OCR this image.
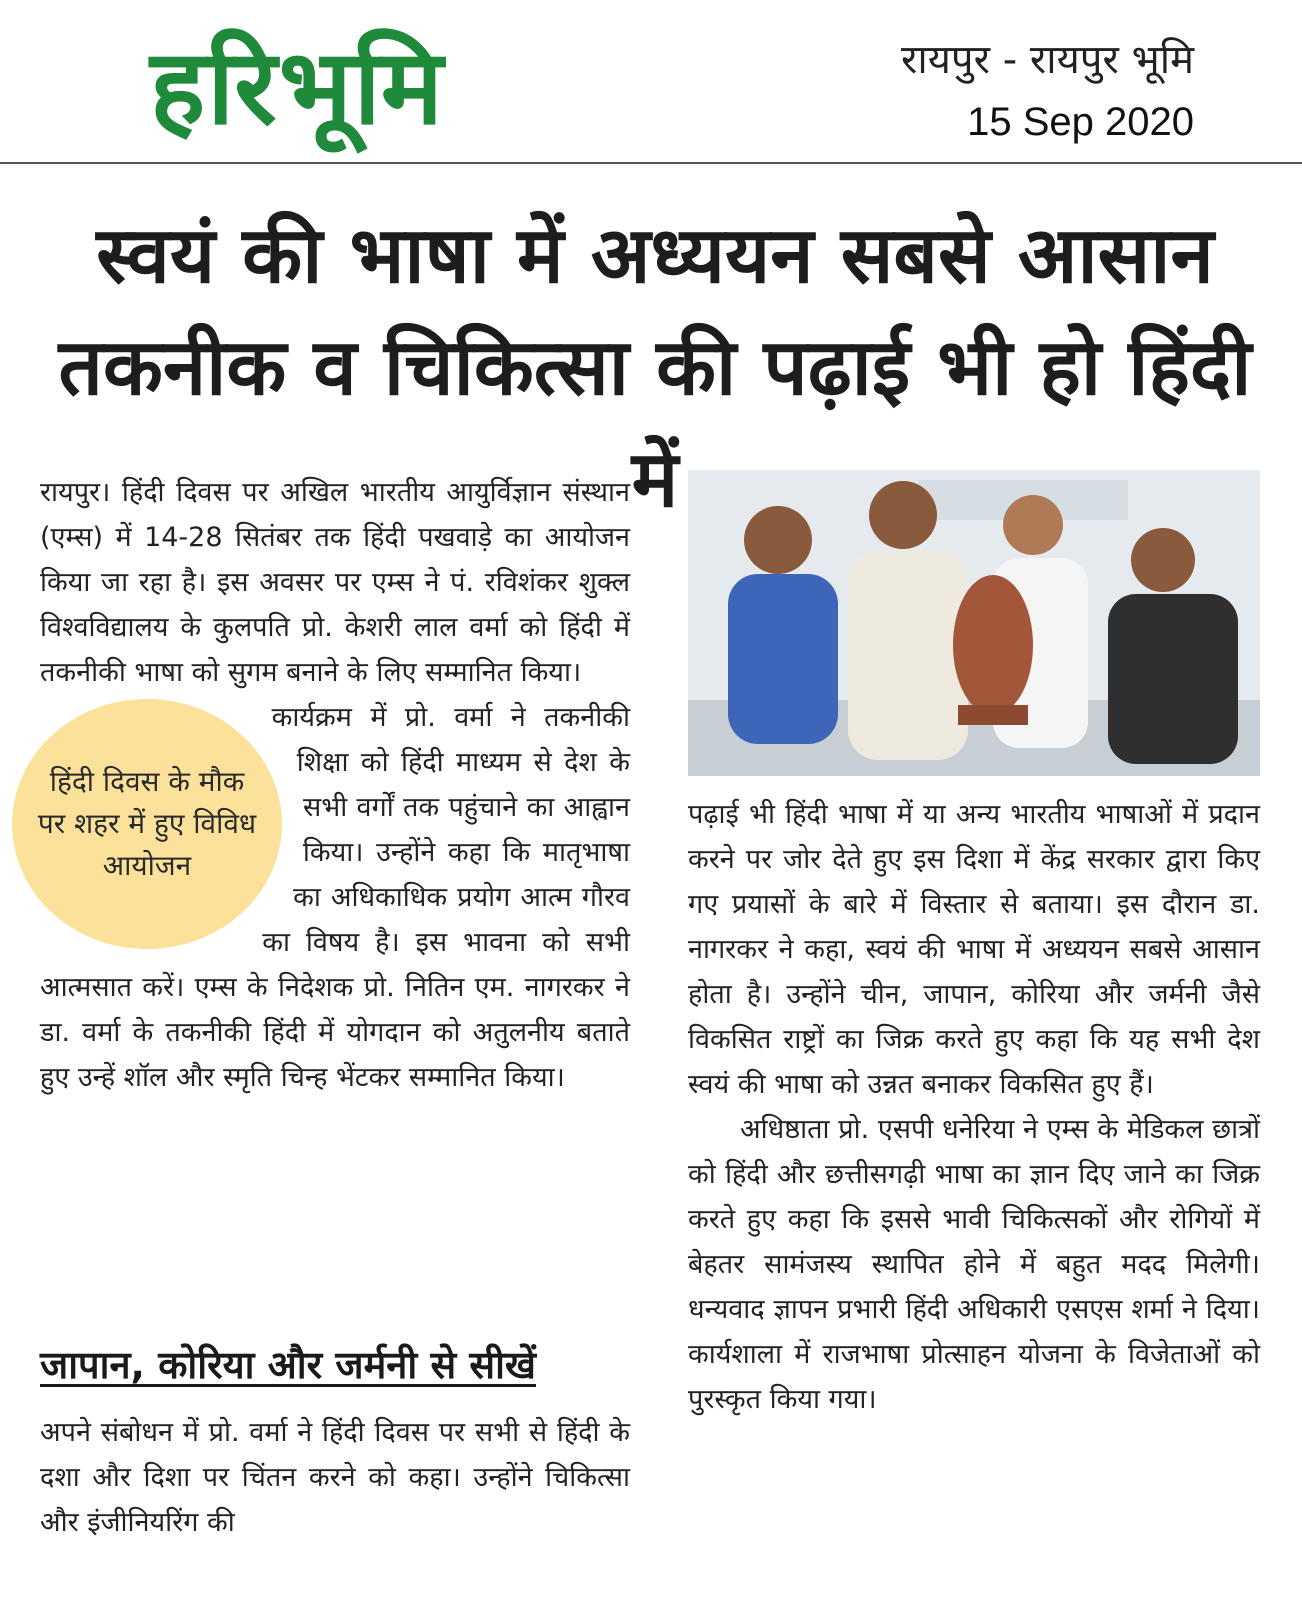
हरिभूमि	रायपुर - रायपुर भूमि
15 Sep 2020
स्वयं की भाषा में अध्ययन सबसे आसान
तकनीक व चिकित्सा की पढ़ाई भी हो हिंदी में

रायपुर। हिंदी दिवस पर अखिल भारतीय आयुर्विज्ञान संस्थान (एम्स) में 14-28 सितंबर तक हिंदी पखवाड़े का आयोजन किया जा रहा है। इस अवसर पर एम्स ने पं. रविशंकर शुक्ल विश्वविद्यालय के कुलपति प्रो. केशरी लाल वर्मा को हिंदी में तकनीकी भाषा को सुगम बनाने के लिए सम्मानित किया।

हिंदी दिवस के मौक पर शहर में हुए विविध आयोजन

कार्यक्रम में प्रो. वर्मा ने तकनीकी शिक्षा को हिंदी माध्यम से देश के सभी वर्गों तक पहुंचाने का आह्वान किया। उन्होंने कहा कि मातृभाषा का अधिकाधिक प्रयोग आत्म गौरव का विषय है। इस भावना को सभी आत्मसात करें। एम्स के निदेशक प्रो. नितिन एम. नागरकर ने डा. वर्मा के तकनीकी हिंदी में योगदान को अतुलनीय बताते हुए उन्हें शॉल और स्मृति चिन्ह भेंटकर सम्मानित किया।

जापान, कोरिया और जर्मनी से सीखें

अपने संबोधन में प्रो. वर्मा ने हिंदी दिवस पर सभी से हिंदी के दशा और दिशा पर चिंतन करने को कहा। उन्होंने चिकित्सा और इंजीनियरिंग की

पढ़ाई भी हिंदी भाषा में या अन्य भारतीय भाषाओं में प्रदान करने पर जोर देते हुए इस दिशा में केंद्र सरकार द्वारा किए गए प्रयासों के बारे में विस्तार से बताया। इस दौरान डा. नागरकर ने कहा, स्वयं की भाषा में अध्ययन सबसे आसान होता है। उन्होंने चीन, जापान, कोरिया और जर्मनी जैसे विकसित राष्ट्रों का जिक्र करते हुए कहा कि यह सभी देश स्वयं की भाषा को उन्नत बनाकर विकसित हुए हैं।

अधिष्ठाता प्रो. एसपी धनेरिया ने एम्स के मेडिकल छात्रों को हिंदी और छत्तीसगढ़ी भाषा का ज्ञान दिए जाने का जिक्र करते हुए कहा कि इससे भावी चिकित्सकों और रोगियों में बेहतर सामंजस्य स्थापित होने में बहुत मदद मिलेगी। धन्यवाद ज्ञापन प्रभारी हिंदी अधिकारी एसएस शर्मा ने दिया। कार्यशाला में राजभाषा प्रोत्साहन योजना के विजेताओं को पुरस्कृत किया गया।
